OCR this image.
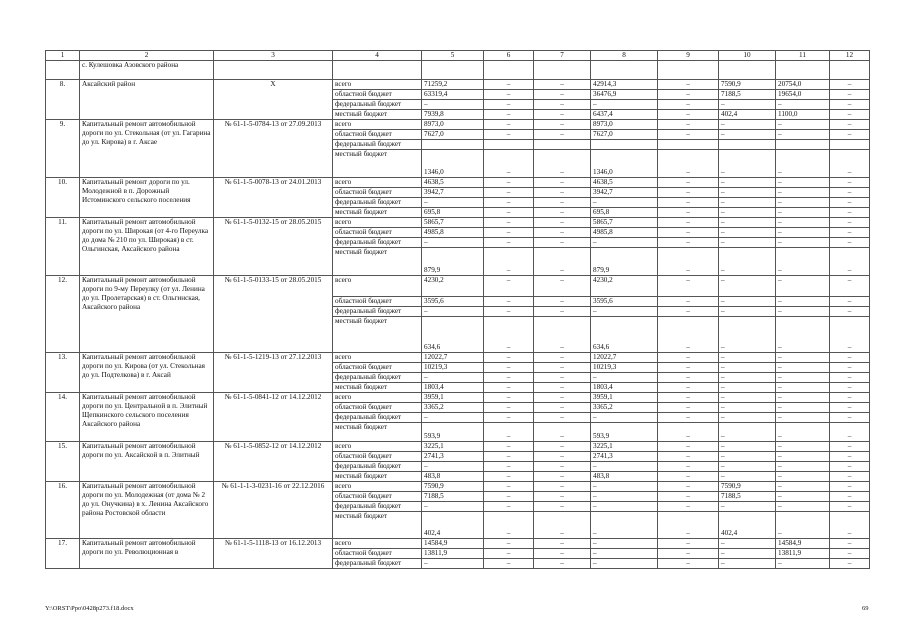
1	2	3	4	5	6	7	8	9	10	11	12
	с. Кулешовка Азовского района										
8.	Аксайский район	Х	всего	71259,2	–	–	42914,3	–	7590,9	20754,0	–
			областной бюджет	63319,4	–	–	36476,9	–	7188,5	19654,0	–
			федеральный бюджет	–	–	–	–	–	–	–	–
			местный бюджет	7939,8	–	–	6437,4	–	402,4	1100,0	–
9.	Капитальный ремонт автомобильной дороги по ул. Стекольная (от ул. Гагарина до ул. Кирова) в г. Аксае	№ 61-1-5-0784-13 от 27.09.2013	всего	8973,0	–	–	8973,0	–	–	–	–
			областной бюджет	7627,0	–	–	7627,0	–	–	–	–
			федеральный бюджет								
			местный бюджет	1346,0	–	–	1346,0	–	–	–	–
10.	Капитальный ремонт дороги по ул. Молодежной в п. Дорожный Истоминского сельского поселения	№ 61-1-5-0078-13 от 24.01.2013	всего	4638,5	–	–	4638,5	–	–	–	–
			областной бюджет	3942,7	–	–	3942,7	–	–	–	–
			федеральный бюджет	–	–	–	–	–	–	–	–
			местный бюджет	695,8	–	–	695,8	–	–	–	–
11.	Капитальный ремонт автомобильной дороги по ул. Широкая (от 4-го Переулка до дома № 210 по ул. Широкая) в ст. Ольгинская, Аксайского района	№ 61-1-5-0132-15 от 28.05.2015	всего	5865,7	–	–	5865,7	–	–	–	–
			областной бюджет	4985,8	–	–	4985,8	–	–	–	–
			федеральный бюджет	–	–	–	–	–	–	–	–
			местный бюджет	879,9	–	–	879,9	–	–	–	–
12.	Капитальный ремонт автомобильной дороги по 9-му Переулку (от ул. Ленина до ул. Пролетарская) в ст. Ольгинская, Аксайского района	№ 61-1-5-0133-15 от 28.05.2015	всего	4230,2	–	–	4230,2	–	–	–	–
			областной бюджет	3595,6	–	–	3595,6	–	–	–	–
			федеральный бюджет	–	–	–	–	–	–	–	–
			местный бюджет	634,6	–	–	634,6	–	–	–	–
13.	Капитальный ремонт автомобильной дороги по ул. Кирова (от ул. Стекольная до ул. Подтелкова) в г. Аксай	№ 61-1-5-1219-13 от 27.12.2013	всего	12022,7	–	–	12022,7	–	–	–	–
			областной бюджет	10219,3	–	–	10219,3	–	–	–	–
			федеральный бюджет	–	–	–	–	–	–	–	–
			местный бюджет	1803,4	–	–	1803,4	–	–	–	–
14.	Капитальный ремонт автомобильной дороги по ул. Центральной в п. Элитный Щепкинского сельского поселения Аксайского района	№ 61-1-5-0841-12 от 14.12.2012	всего	3959,1	–	–	3959,1	–	–	–	–
			областной бюджет	3365,2	–	–	3365,2	–	–	–	–
			федеральный бюджет	–	–	–	–	–	–	–	–
			местный бюджет	593,9	–	–	593,9	–	–	–	–
15.	Капитальный ремонт автомобильной дороги по ул. Аксайской в п. Элитный	№ 61-1-5-0852-12 от 14.12.2012	всего	3225,1	–	–	3225,1	–	–	–	–
			областной бюджет	2741,3	–	–	2741,3	–	–	–	–
			федеральный бюджет	–	–	–	–	–	–	–	–
			местный бюджет	483,8	–	–	483,8	–	–	–	–
16.	Капитальный ремонт автомобильной дороги по ул. Молодежная (от дома № 2 до ул. Онучкина) в х. Ленина Аксайского района Ростовской области	№ 61-1-1-3-0231-16 от 22.12.2016	всего	7590,9	–	–	–	–	7590,9	–	–
			областной бюджет	7188,5	–	–	–	–	7188,5	–	–
			федеральный бюджет	–	–	–	–	–	–	–	–
			местный бюджет	402,4	–	–	–	–	402,4	–	–
17.	Капитальный ремонт автомобильной дороги по ул. Революционная в	№ 61-1-5-1118-13 от 16.12.2013	всего	14584,9	–	–	–	–	–	14584,9	–
			областной бюджет	13811,9	–	–	–	–	–	13811,9	–
			федеральный бюджет	–	–	–	–	–	–	–	–
Y:\ORST\Ppo\0428p273.f18.docx	69
